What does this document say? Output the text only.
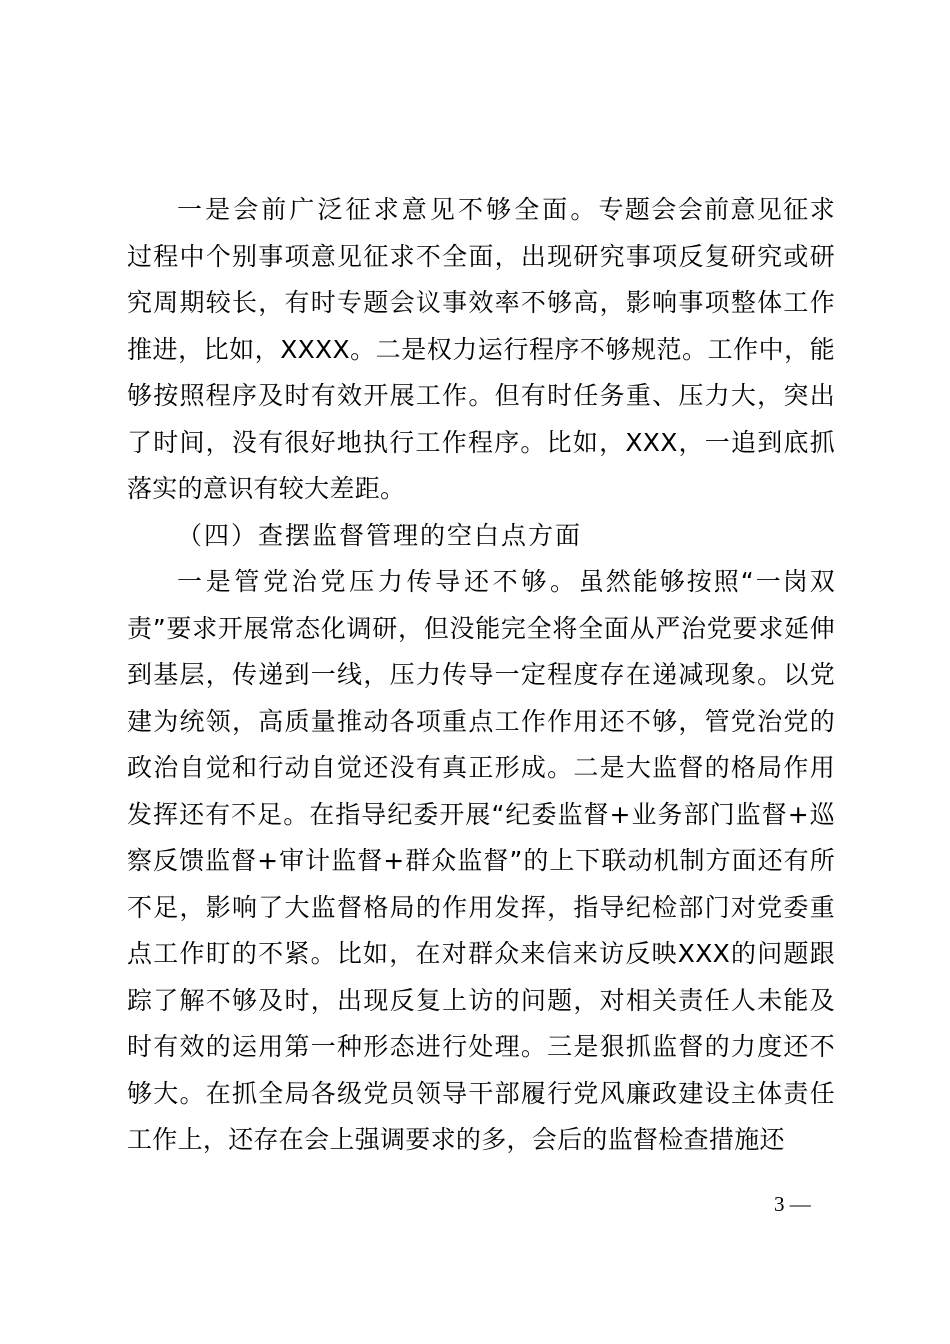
一是会前广泛征求意见不够全面。专题会会前意见征求过程中个别事项意见征求不全面，出现研究事项反复研究或研究周期较长，有时专题会议事效率不够高，影响事项整体工作推进，比如，XXXX。二是权力运行程序不够规范。工作中，能够按照程序及时有效开展工作。但有时任务重、压力大，突出了时间，没有很好地执行工作程序。比如，XXX，一追到底抓落实的意识有较大差距。

（四）查摆监督管理的空白点方面

一是管党治党压力传导还不够。虽然能够按照“一岗双责”要求开展常态化调研，但没能完全将全面从严治党要求延伸到基层，传递到一线，压力传导一定程度存在递减现象。以党建为统领，高质量推动各项重点工作作用还不够，管党治党的政治自觉和行动自觉还没有真正形成。二是大监督的格局作用发挥还有不足。在指导纪委开展“纪委监督+业务部门监督+巡察反馈监督+审计监督+群众监督”的上下联动机制方面还有所不足，影响了大监督格局的作用发挥，指导纪检部门对党委重点工作盯的不紧。比如，在对群众来信来访反映XXX的问题跟踪了解不够及时，出现反复上访的问题，对相关责任人未能及时有效的运用第一种形态进行处理。三是狠抓监督的力度还不够大。在抓全局各级党员领导干部履行党风廉政建设主体责任工作上，还存在会上强调要求的多，会后的监督检查措施还

3 —
